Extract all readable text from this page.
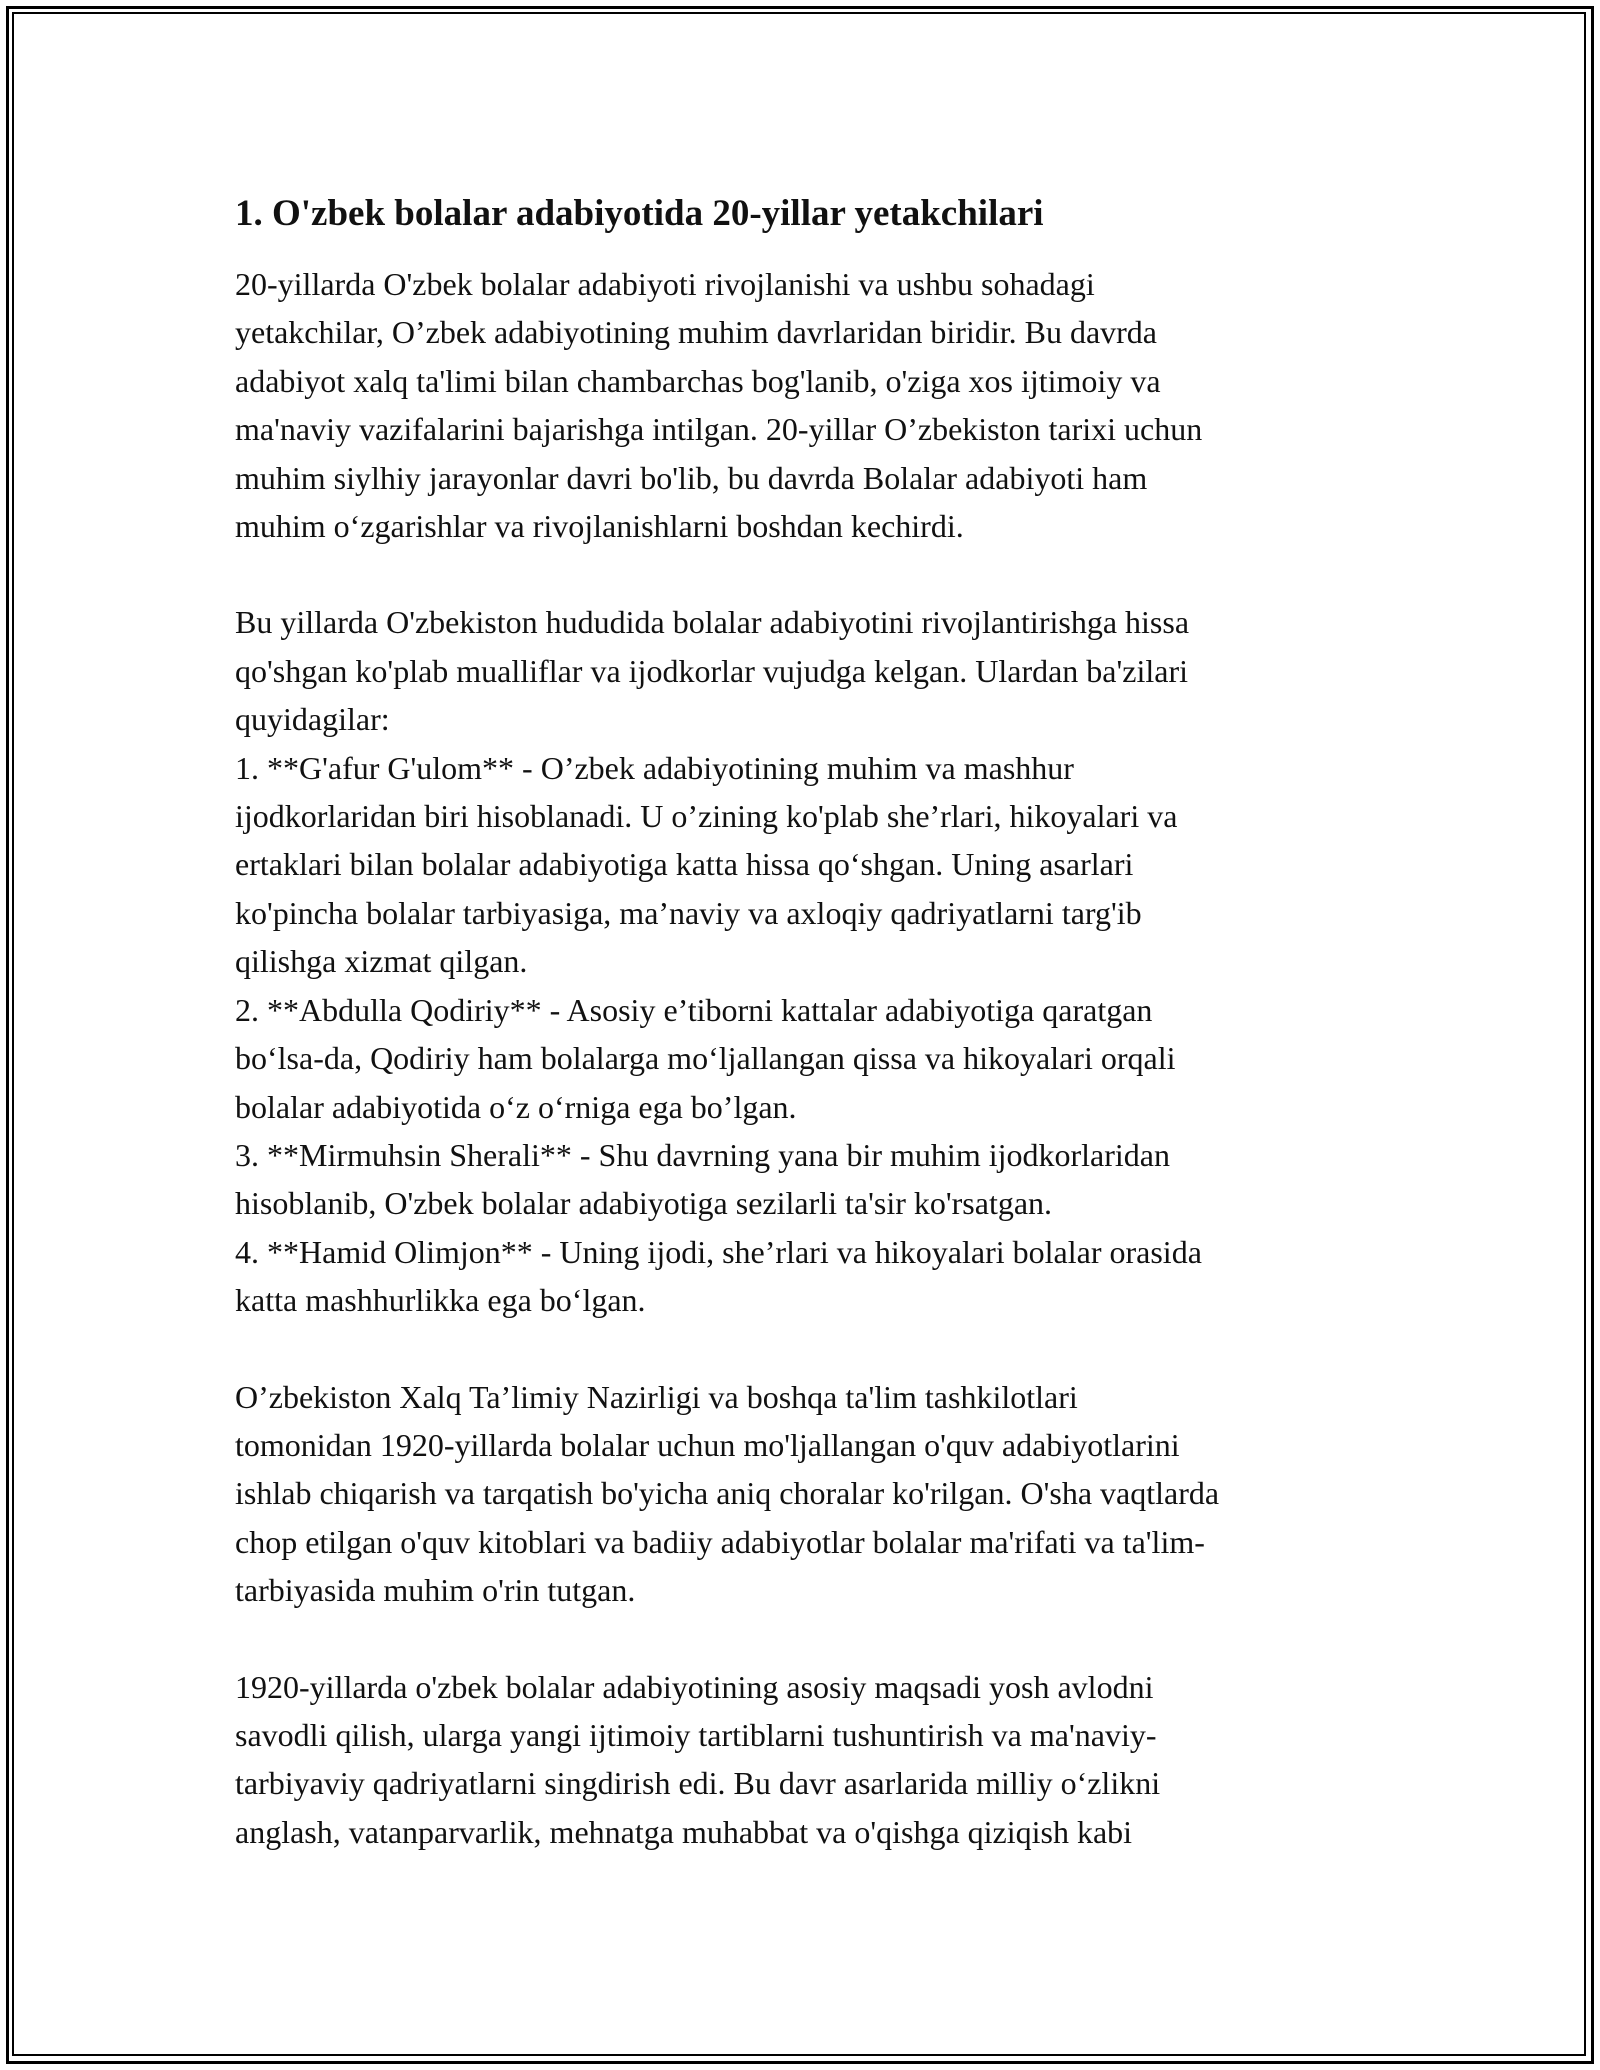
1. O'zbek bolalar adabiyotida 20-yillar yetakchilari

20-yillarda O'zbek bolalar adabiyoti rivojlanishi va ushbu sohadagi
yetakchilar, O’zbek adabiyotining muhim davrlaridan biridir. Bu davrda
adabiyot xalq ta'limi bilan chambarchas bog'lanib, o'ziga xos ijtimoiy va
ma'naviy vazifalarini bajarishga intilgan. 20-yillar O’zbekiston tarixi uchun
muhim siylhiy jarayonlar davri bo'lib, bu davrda Bolalar adabiyoti ham
muhim o‘zgarishlar va rivojlanishlarni boshdan kechirdi.

Bu yillarda O'zbekiston hududida bolalar adabiyotini rivojlantirishga hissa
qo'shgan ko'plab mualliflar va ijodkorlar vujudga kelgan. Ulardan ba'zilari
quyidagilar:
1. **G'afur G'ulom** - O’zbek adabiyotining muhim va mashhur
ijodkorlaridan biri hisoblanadi. U o’zining ko'plab she’rlari, hikoyalari va
ertaklari bilan bolalar adabiyotiga katta hissa qo‘shgan. Uning asarlari
ko'pincha bolalar tarbiyasiga, ma’naviy va axloqiy qadriyatlarni targ'ib
qilishga xizmat qilgan.
2. **Abdulla Qodiriy** - Asosiy e’tiborni kattalar adabiyotiga qaratgan
bo‘lsa-da, Qodiriy ham bolalarga mo‘ljallangan qissa va hikoyalari orqali
bolalar adabiyotida o‘z o‘rniga ega bo’lgan.
3. **Mirmuhsin Sherali** - Shu davrning yana bir muhim ijodkorlaridan
hisoblanib, O'zbek bolalar adabiyotiga sezilarli ta'sir ko'rsatgan.
4. **Hamid Olimjon** - Uning ijodi, she’rlari va hikoyalari bolalar orasida
katta mashhurlikka ega bo‘lgan.

O’zbekiston Xalq Ta’limiy Nazirligi va boshqa ta'lim tashkilotlari
tomonidan 1920-yillarda bolalar uchun mo'ljallangan o'quv adabiyotlarini
ishlab chiqarish va tarqatish bo'yicha aniq choralar ko'rilgan. O'sha vaqtlarda
chop etilgan o'quv kitoblari va badiiy adabiyotlar bolalar ma'rifati va ta'lim-
tarbiyasida muhim o'rin tutgan.

1920-yillarda o'zbek bolalar adabiyotining asosiy maqsadi yosh avlodni
savodli qilish, ularga yangi ijtimoiy tartiblarni tushuntirish va ma'naviy-
tarbiyaviy qadriyatlarni singdirish edi. Bu davr asarlarida milliy o‘zlikni
anglash, vatanparvarlik, mehnatga muhabbat va o'qishga qiziqish kabi
